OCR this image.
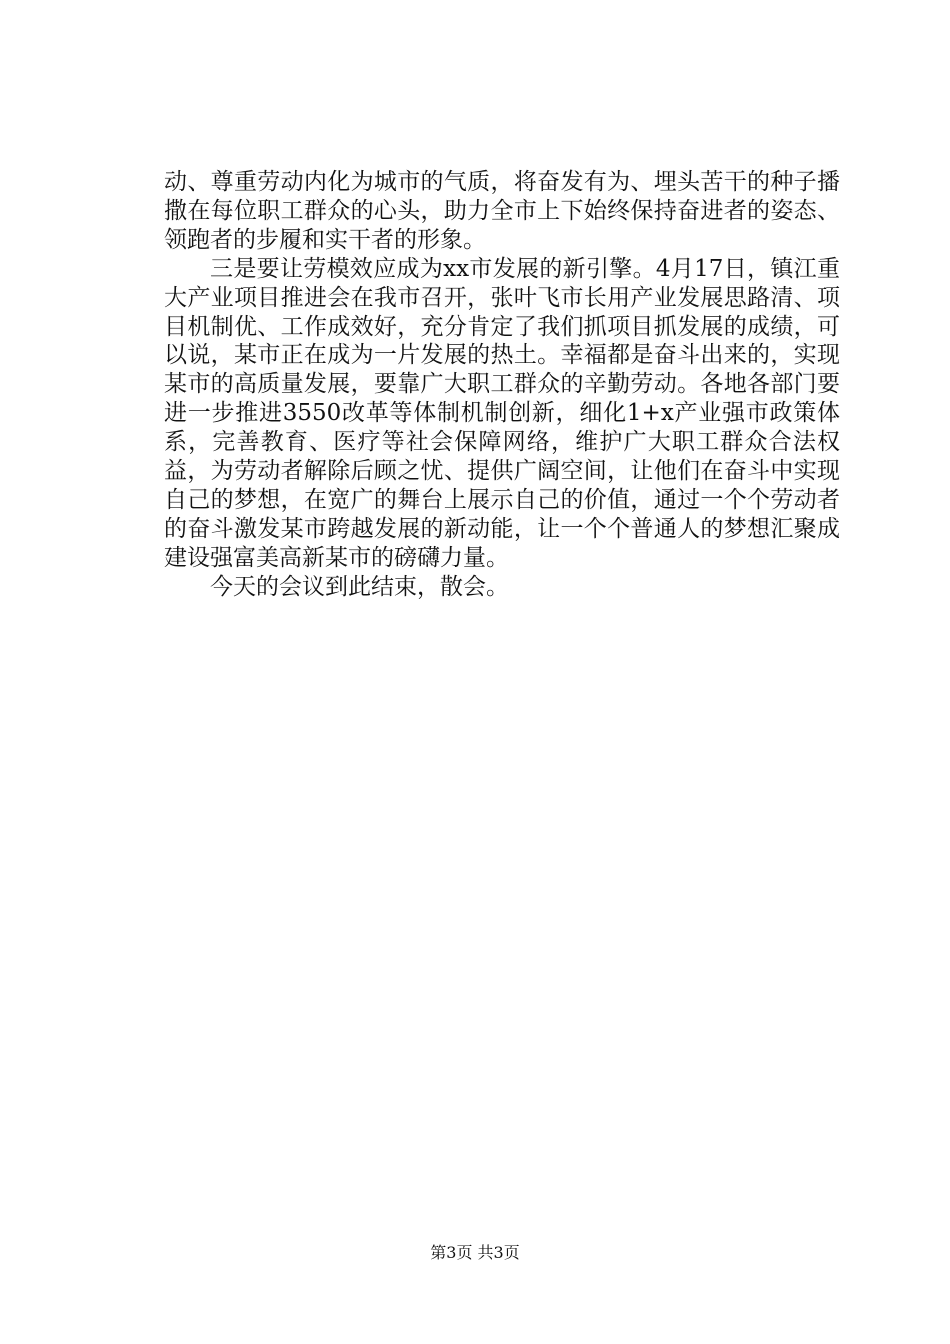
动、尊重劳动内化为城市的气质，将奋发有为、埋头苦干的种子播撒在每位职工群众的心头，助力全市上下始终保持奋进者的姿态、领跑者的步履和实干者的形象。

三是要让劳模效应成为xx市发展的新引擎。4月17日，镇江重大产业项目推进会在我市召开，张叶飞市长用产业发展思路清、项目机制优、工作成效好，充分肯定了我们抓项目抓发展的成绩，可以说，某市正在成为一片发展的热土。幸福都是奋斗出来的，实现某市的高质量发展，要靠广大职工群众的辛勤劳动。各地各部门要进一步推进3550改革等体制机制创新，细化1+x产业强市政策体系，完善教育、医疗等社会保障网络，维护广大职工群众合法权益，为劳动者解除后顾之忧、提供广阔空间，让他们在奋斗中实现自己的梦想，在宽广的舞台上展示自己的价值，通过一个个劳动者的奋斗激发某市跨越发展的新动能，让一个个普通人的梦想汇聚成建设强富美高新某市的磅礴力量。

今天的会议到此结束，散会。

第3页 共3页
